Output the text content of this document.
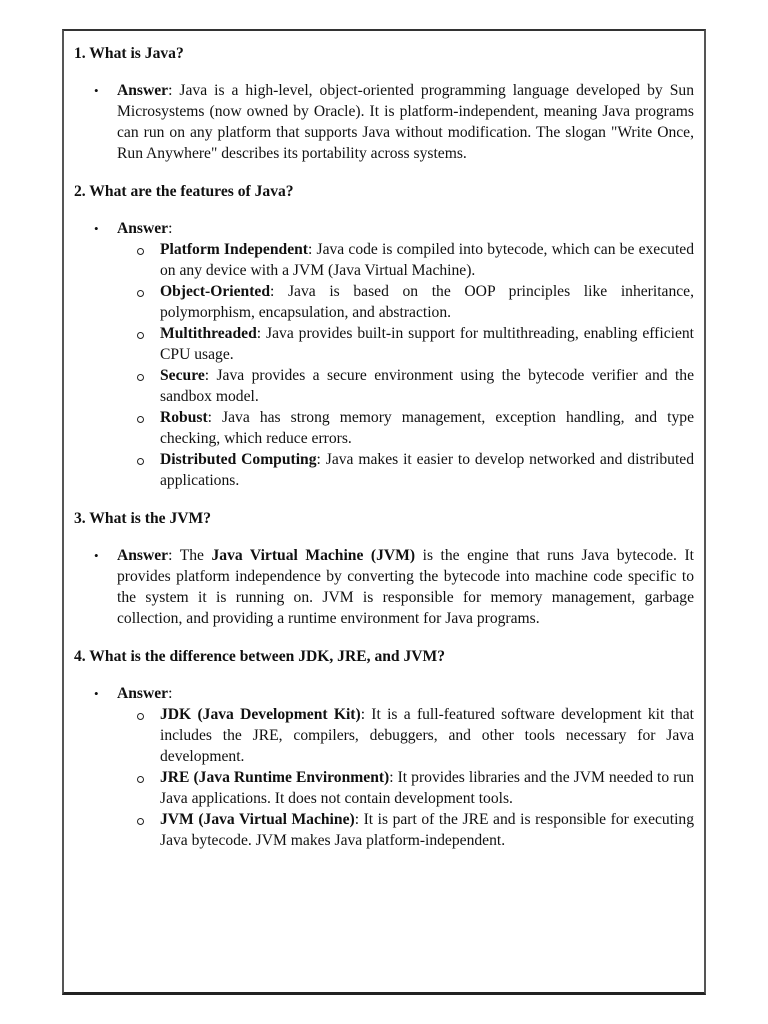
1. What is Java?
• Answer: Java is a high-level, object-oriented programming language developed by Sun Microsystems (now owned by Oracle). It is platform-independent, meaning Java programs can run on any platform that supports Java without modification. The slogan "Write Once, Run Anywhere" describes its portability across systems.
2. What are the features of Java?
• Answer:
Platform Independent: Java code is compiled into bytecode, which can be executed on any device with a JVM (Java Virtual Machine).
Object-Oriented: Java is based on the OOP principles like inheritance, polymorphism, encapsulation, and abstraction.
Multithreaded: Java provides built-in support for multithreading, enabling efficient CPU usage.
Secure: Java provides a secure environment using the bytecode verifier and the sandbox model.
Robust: Java has strong memory management, exception handling, and type checking, which reduce errors.
Distributed Computing: Java makes it easier to develop networked and distributed applications.
3. What is the JVM?
• Answer: The Java Virtual Machine (JVM) is the engine that runs Java bytecode. It provides platform independence by converting the bytecode into machine code specific to the system it is running on. JVM is responsible for memory management, garbage collection, and providing a runtime environment for Java programs.
4. What is the difference between JDK, JRE, and JVM?
• Answer:
JDK (Java Development Kit): It is a full-featured software development kit that includes the JRE, compilers, debuggers, and other tools necessary for Java development.
JRE (Java Runtime Environment): It provides libraries and the JVM needed to run Java applications. It does not contain development tools.
JVM (Java Virtual Machine): It is part of the JRE and is responsible for executing Java bytecode. JVM makes Java platform-independent.
